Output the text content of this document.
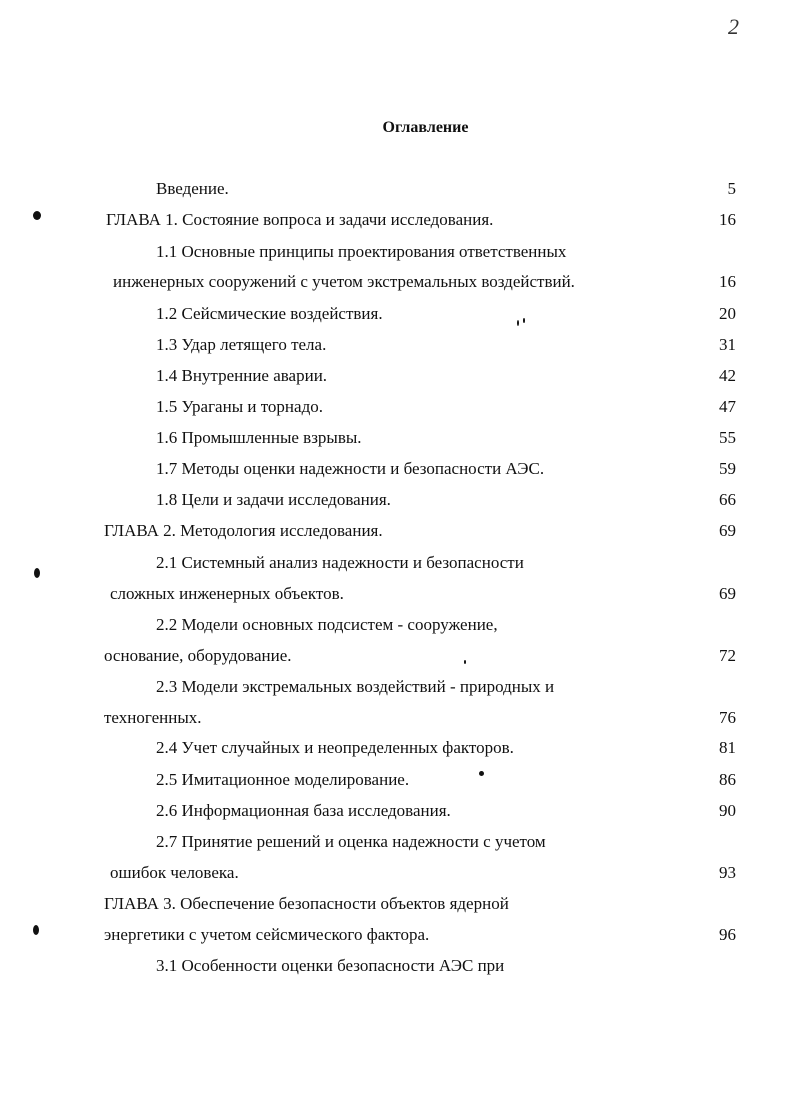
2
Оглавление
Введение.	5
ГЛАВА 1. Состояние вопроса и задачи исследования.	16
1.1 Основные принципы проектирования ответственных
инженерных сооружений с учетом экстремальных воздействий.	16
1.2 Сейсмические воздействия.	20
1.3 Удар летящего тела.	31
1.4 Внутренние аварии.	42
1.5 Ураганы и торнадо.	47
1.6 Промышленные взрывы.	55
1.7 Методы оценки надежности и безопасности АЭС.	59
1.8 Цели и задачи исследования.	66
ГЛАВА 2. Методология исследования.	69
2.1 Системный анализ надежности и безопасности
сложных инженерных объектов.	69
2.2 Модели основных подсистем - сооружение,
основание, оборудование.	72
2.3 Модели экстремальных воздействий - природных и
техногенных.	76
2.4 Учет случайных и неопределенных факторов.	81
2.5 Имитационное моделирование.	86
2.6 Информационная база исследования.	90
2.7 Принятие решений и оценка надежности с учетом
ошибок человека.	93
ГЛАВА 3. Обеспечение безопасности объектов ядерной
энергетики с учетом сейсмического фактора.	96
3.1 Особенности оценки безопасности АЭС при
